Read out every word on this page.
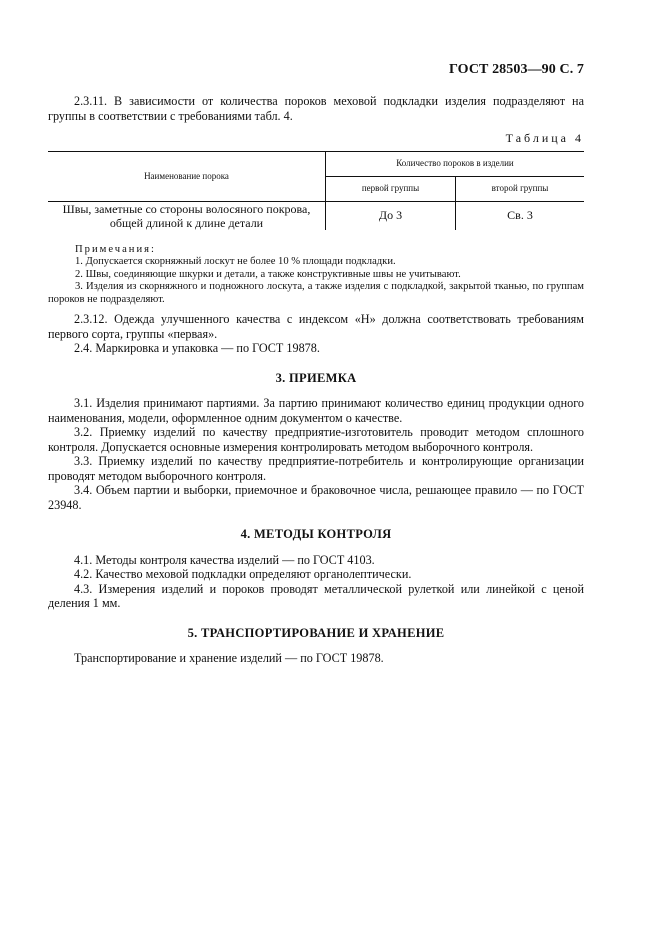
ГОСТ 28503—90 С. 7

2.3.11. В зависимости от количества пороков меховой подкладки изделия подразделяют на группы в соответствии с требованиями табл. 4.

Таблица 4
Наименование порока	Количество пороков в изделии	
	первой группы	второй группы
Швы, заметные со стороны волосяного покрова, общей длиной к длине детали	До 3	Св. 3
Примечания:

1. Допускается скорняжный лоскут не более 10 % площади подкладки.

2. Швы, соединяющие шкурки и детали, а также конструктивные швы не учитывают.

3. Изделия из скорняжного и подножного лоскута, а также изделия с подкладкой, закрытой тканью, по группам пороков не подразделяют.

2.3.12. Одежда улучшенного качества с индексом «Н» должна соответствовать требованиям первого сорта, группы «первая».

2.4. Маркировка и упаковка — по ГОСТ 19878.

3. ПРИЕМКА

3.1. Изделия принимают партиями. За партию принимают количество единиц продукции одного наименования, модели, оформленное одним документом о качестве.

3.2. Приемку изделий по качеству предприятие-изготовитель проводит методом сплошного контроля. Допускается основные измерения контролировать методом выборочного контроля.

3.3. Приемку изделий по качеству предприятие-потребитель и контролирующие организации проводят методом выборочного контроля.

3.4. Объем партии и выборки, приемочное и браковочное числа, решающее правило — по ГОСТ 23948.

4. МЕТОДЫ КОНТРОЛЯ

4.1. Методы контроля качества изделий — по ГОСТ 4103.

4.2. Качество меховой подкладки определяют органолептически.

4.3. Измерения изделий и пороков проводят металлической рулеткой или линейкой с ценой деления 1 мм.

5. ТРАНСПОРТИРОВАНИЕ И ХРАНЕНИЕ

Транспортирование и хранение изделий — по ГОСТ 19878.
